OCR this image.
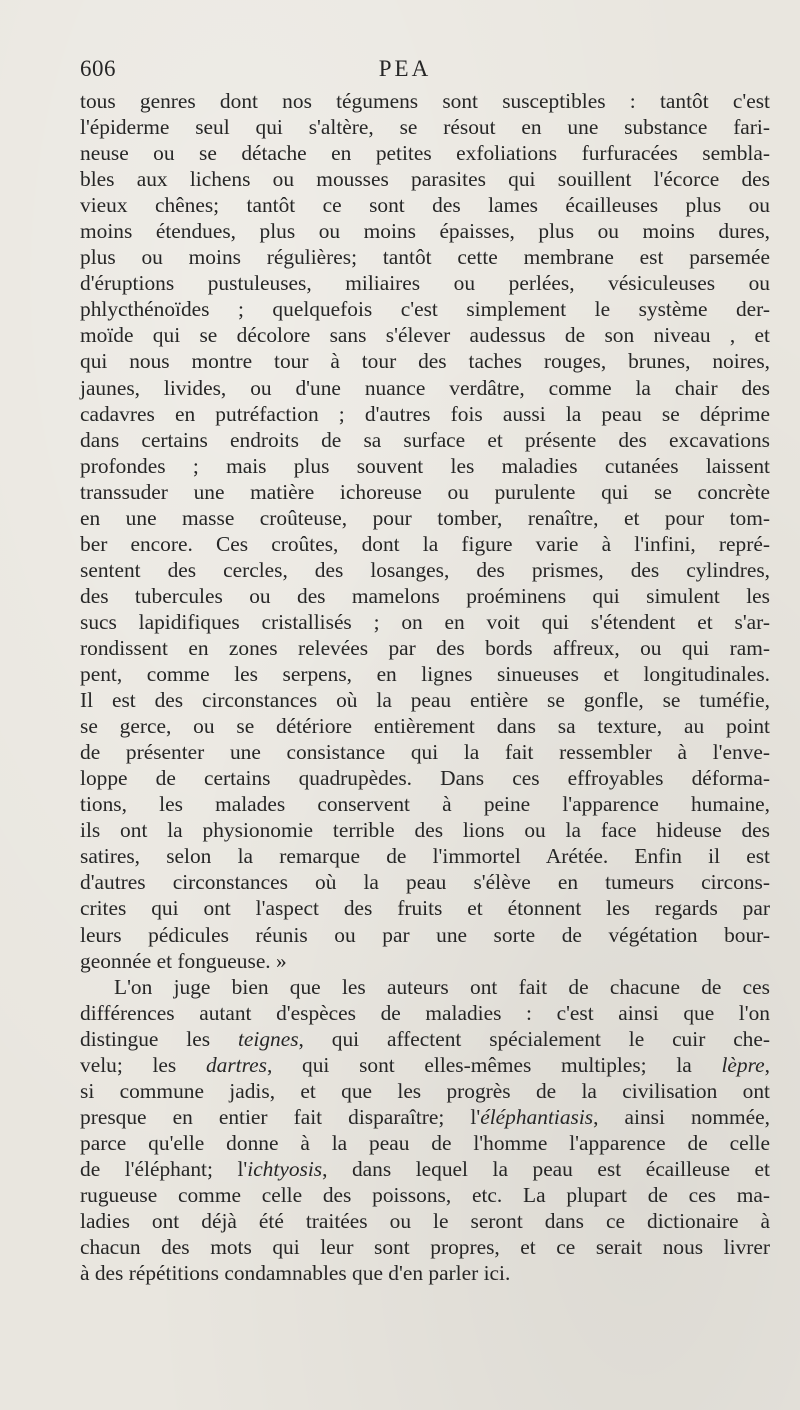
606	PEA
tous genres dont nos tégumens sont susceptibles : tantôt c'est
l'épiderme seul qui s'altère, se résout en une substance fari-
neuse ou se détache en petites exfoliations furfuracées sembla-
bles aux lichens ou mousses parasites qui souillent l'écorce des
vieux chênes; tantôt ce sont des lames écailleuses plus ou
moins étendues, plus ou moins épaisses, plus ou moins dures,
plus ou moins régulières; tantôt cette membrane est parsemée
d'éruptions pustuleuses, miliaires ou perlées, vésiculeuses ou
phlycthénoïdes ; quelquefois c'est simplement le système der-
moïde qui se décolore sans s'élever audessus de son niveau , et
qui nous montre tour à tour des taches rouges, brunes, noires,
jaunes, livides, ou d'une nuance verdâtre, comme la chair des
cadavres en putréfaction ; d'autres fois aussi la peau se déprime
dans certains endroits de sa surface et présente des excavations
profondes ; mais plus souvent les maladies cutanées laissent
transsuder une matière ichoreuse ou purulente qui se concrète
en une masse croûteuse, pour tomber, renaître, et pour tom-
ber encore. Ces croûtes, dont la figure varie à l'infini, repré-
sentent des cercles, des losanges, des prismes, des cylindres,
des tubercules ou des mamelons proéminens qui simulent les
sucs lapidifiques cristallisés ; on en voit qui s'étendent et s'ar-
rondissent en zones relevées par des bords affreux, ou qui ram-
pent, comme les serpens, en lignes sinueuses et longitudinales.
Il est des circonstances où la peau entière se gonfle, se tuméfie,
se gerce, ou se détériore entièrement dans sa texture, au point
de présenter une consistance qui la fait ressembler à l'enve-
loppe de certains quadrupèdes. Dans ces effroyables déforma-
tions, les malades conservent à peine l'apparence humaine,
ils ont la physionomie terrible des lions ou la face hideuse des
satires, selon la remarque de l'immortel Arétée. Enfin il est
d'autres circonstances où la peau s'élève en tumeurs circons-
crites qui ont l'aspect des fruits et étonnent les regards par
leurs pédicules réunis ou par une sorte de végétation bour-
geonnée et fongueuse. »
L'on juge bien que les auteurs ont fait de chacune de ces
différences autant d'espèces de maladies : c'est ainsi que l'on
distingue les teignes, qui affectent spécialement le cuir che-
velu; les dartres, qui sont elles-mêmes multiples; la lèpre,
si commune jadis, et que les progrès de la civilisation ont
presque en entier fait disparaître; l'éléphantiasis, ainsi nommée,
parce qu'elle donne à la peau de l'homme l'apparence de celle
de l'éléphant; l'ichtyosis, dans lequel la peau est écailleuse et
rugueuse comme celle des poissons, etc. La plupart de ces ma-
ladies ont déjà été traitées ou le seront dans ce dictionaire à
chacun des mots qui leur sont propres, et ce serait nous livrer
à des répétitions condamnables que d'en parler ici.
